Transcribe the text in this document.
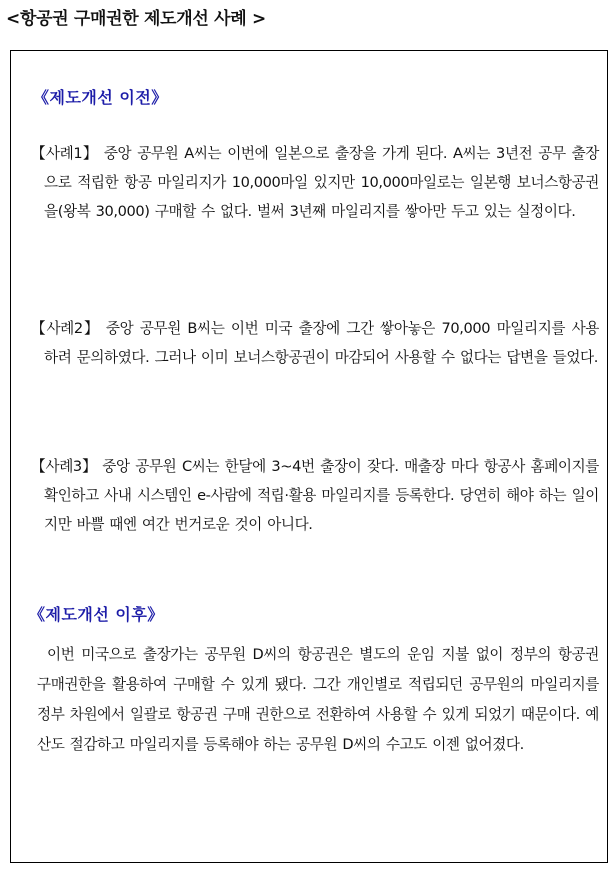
<항공권 구매권한 제도개선 사례 >
《제도개선 이전》
【사례1】 중앙 공무원 A씨는 이번에 일본으로 출장을 가게 된다. A씨는 3년전 공무 출장으로 적립한 항공 마일리지가 10,000마일 있지만 10,000마일로는 일본행 보너스항공권을(왕복 30,000) 구매할 수 없다. 벌써 3년째 마일리지를 쌓아만 두고 있는 실정이다.
【사례2】 중앙 공무원 B씨는 이번 미국 출장에 그간 쌓아놓은 70,000 마일리지를 사용 하려 문의하였다. 그러나 이미 보너스항공권이 마감되어 사용할 수 없다는 답변을 들었다.
【사례3】 중앙 공무원 C씨는 한달에 3~4번 출장이 잦다. 매출장 마다 항공사 홈페이지를 확인하고 사내 시스템인 e-사람에 적립·활용 마일리지를 등록한다. 당연히 해야 하는 일이지만 바쁠 때엔 여간 번거로운 것이 아니다.
《제도개선 이후》
이번 미국으로 출장가는 공무원 D씨의 항공권은 별도의 운임 지불 없이 정부의 항공권 구매권한을 활용하여 구매할 수 있게 됐다. 그간 개인별로 적립되던 공무원의 마일리지를 정부 차원에서 일괄로 항공권 구매 권한으로 전환하여 사용할 수 있게 되었기 때문이다. 예산도 절감하고 마일리지를 등록해야 하는 공무원 D씨의 수고도 이젠 없어졌다.
